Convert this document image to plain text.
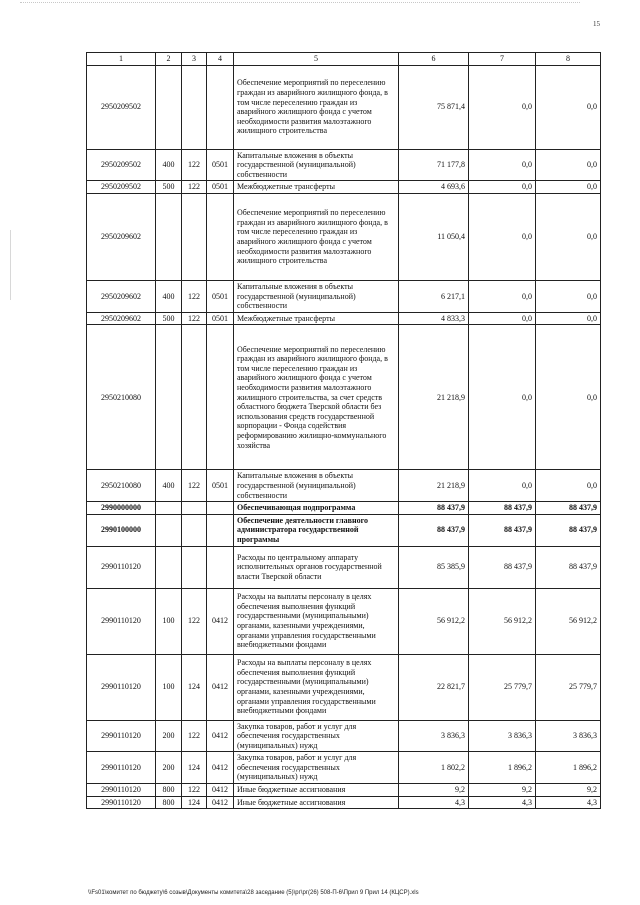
15
1	2	3	4	5	6	7	8
2950209502				Обеспечение мероприятий по переселению граждан из аварийного жилищного фонда, в том числе переселению граждан из аварийного жилищного фонда с учетом необходимости развития малоэтажного жилищного строительства	75 871,4	0,0	0,0
2950209502	400	122	0501	Капитальные вложения в объекты государственной (муниципальной) собственности	71 177,8	0,0	0,0
2950209502	500	122	0501	Межбюджетные трансферты	4 693,6	0,0	0,0
2950209602				Обеспечение мероприятий по переселению граждан из аварийного жилищного фонда, в том числе переселению граждан из аварийного жилищного фонда с учетом необходимости развития малоэтажного жилищного строительства	11 050,4	0,0	0,0
2950209602	400	122	0501	Капитальные вложения в объекты государственной (муниципальной) собственности	6 217,1	0,0	0,0
2950209602	500	122	0501	Межбюджетные трансферты	4 833,3	0,0	0,0
2950210080				Обеспечение мероприятий по переселению граждан из аварийного жилищного фонда, в том числе переселению граждан из аварийного жилищного фонда с учетом необходимости развития малоэтажного жилищного строительства, за счет средств областного бюджета Тверской области без использования средств государственной корпорации - Фонда содействия реформированию жилищно-коммунального хозяйства	21 218,9	0,0	0,0
2950210080	400	122	0501	Капитальные вложения в объекты государственной (муниципальной) собственности	21 218,9	0,0	0,0
2990000000				Обеспечивающая подпрограмма	88 437,9	88 437,9	88 437,9
2990100000				Обеспечение деятельности главного администратора государственной программы	88 437,9	88 437,9	88 437,9
2990110120				Расходы по центральному аппарату исполнительных органов государственной власти Тверской области	85 385,9	88 437,9	88 437,9
2990110120	100	122	0412	Расходы на выплаты персоналу в целях обеспечения выполнения функций государственными (муниципальными) органами, казенными учреждениями, органами управления государственными внебюджетными фондами	56 912,2	56 912,2	56 912,2
2990110120	100	124	0412	Расходы на выплаты персоналу в целях обеспечения выполнения функций государственными (муниципальными) органами, казенными учреждениями, органами управления государственными внебюджетными фондами	22 821,7	25 779,7	25 779,7
2990110120	200	122	0412	Закупка товаров, работ и услуг для обеспечения государственных (муниципальных) нужд	3 836,3	3 836,3	3 836,3
2990110120	200	124	0412	Закупка товаров, работ и услуг для обеспечения государственных (муниципальных) нужд	1 802,2	1 896,2	1 896,2
2990110120	800	122	0412	Иные бюджетные ассигнования	9,2	9,2	9,2
2990110120	800	124	0412	Иные бюджетные ассигнования	4,3	4,3	4,3
\\Fs01\комитет по бюджету\6 созыв\Документы комитета\28 заседание (5)\рг\рг(26) 508-П-6\Прил 9 Прил 14 (КЦСР).xls
